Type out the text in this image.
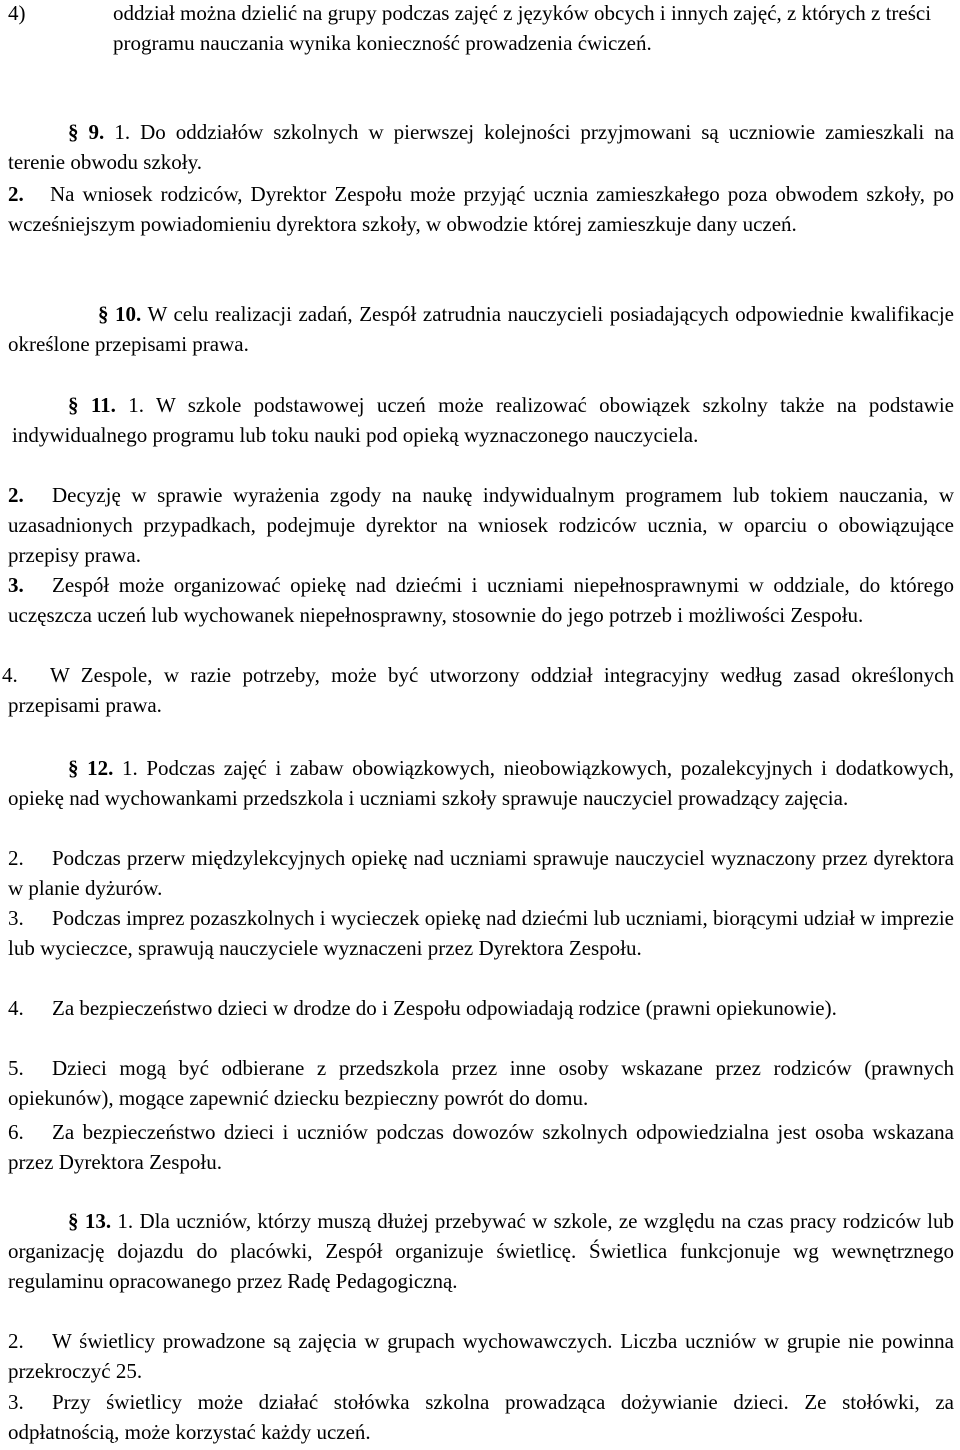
4)	oddział można dzielić na grupy podczas zajęć z języków obcych i innych zajęć, z których z treści programu nauczania wynika konieczność prowadzenia ćwiczeń.

§ 9. 1. Do oddziałów szkolnych w pierwszej kolejności przyjmowani są uczniowie zamieszkali na terenie obwodu szkoły.

2. Na wniosek rodziców, Dyrektor Zespołu może przyjąć ucznia zamieszkałego poza obwodem szkoły, po wcześniejszym powiadomieniu dyrektora szkoły, w obwodzie której zamieszkuje dany uczeń.

§ 10. W celu realizacji zadań, Zespół zatrudnia nauczycieli posiadających odpowiednie kwalifikacje określone przepisami prawa.

§ 11. 1. W szkole podstawowej uczeń może realizować obowiązek szkolny także na podstawie indywidualnego programu lub toku nauki pod opieką wyznaczonego nauczyciela.

2. Decyzję w sprawie wyrażenia zgody na naukę indywidualnym programem lub tokiem nauczania, w uzasadnionych przypadkach, podejmuje dyrektor na wniosek rodziców ucznia, w oparciu o obowiązujące przepisy prawa.

3. Zespół może organizować opiekę nad dziećmi i uczniami niepełnosprawnymi w oddziale, do którego uczęszcza uczeń lub wychowanek niepełnosprawny, stosownie do jego potrzeb i możliwości Zespołu.

4. W Zespole, w razie potrzeby, może być utworzony oddział integracyjny według zasad określonych przepisami prawa.

§ 12. 1. Podczas zajęć i zabaw obowiązkowych, nieobowiązkowych, pozalekcyjnych i dodatkowych, opiekę nad wychowankami przedszkola i uczniami szkoły sprawuje nauczyciel prowadzący zajęcia.

2. Podczas przerw międzylekcyjnych opiekę nad uczniami sprawuje nauczyciel wyznaczony przez dyrektora w planie dyżurów.

3. Podczas imprez pozaszkolnych i wycieczek opiekę nad dziećmi lub uczniami, biorącymi udział w imprezie lub wycieczce, sprawują nauczyciele wyznaczeni przez Dyrektora Zespołu.

4. Za bezpieczeństwo dzieci w drodze do i Zespołu odpowiadają rodzice (prawni opiekunowie).

5. Dzieci mogą być odbierane z przedszkola przez inne osoby wskazane przez rodziców (prawnych opiekunów), mogące zapewnić dziecku bezpieczny powrót do domu.

6. Za bezpieczeństwo dzieci i uczniów podczas dowozów szkolnych odpowiedzialna jest osoba wskazana przez Dyrektora Zespołu.

§ 13. 1. Dla uczniów, którzy muszą dłużej przebywać w szkole, ze względu na czas pracy rodziców lub organizację dojazdu do placówki, Zespół organizuje świetlicę. Świetlica funkcjonuje wg wewnętrznego regulaminu opracowanego przez Radę Pedagogiczną.

2. W świetlicy prowadzone są zajęcia w grupach wychowawczych. Liczba uczniów w grupie nie powinna przekroczyć 25.

3. Przy świetlicy może działać stołówka szkolna prowadząca dożywianie dzieci. Ze stołówki, za odpłatnością, może korzystać każdy uczeń.
